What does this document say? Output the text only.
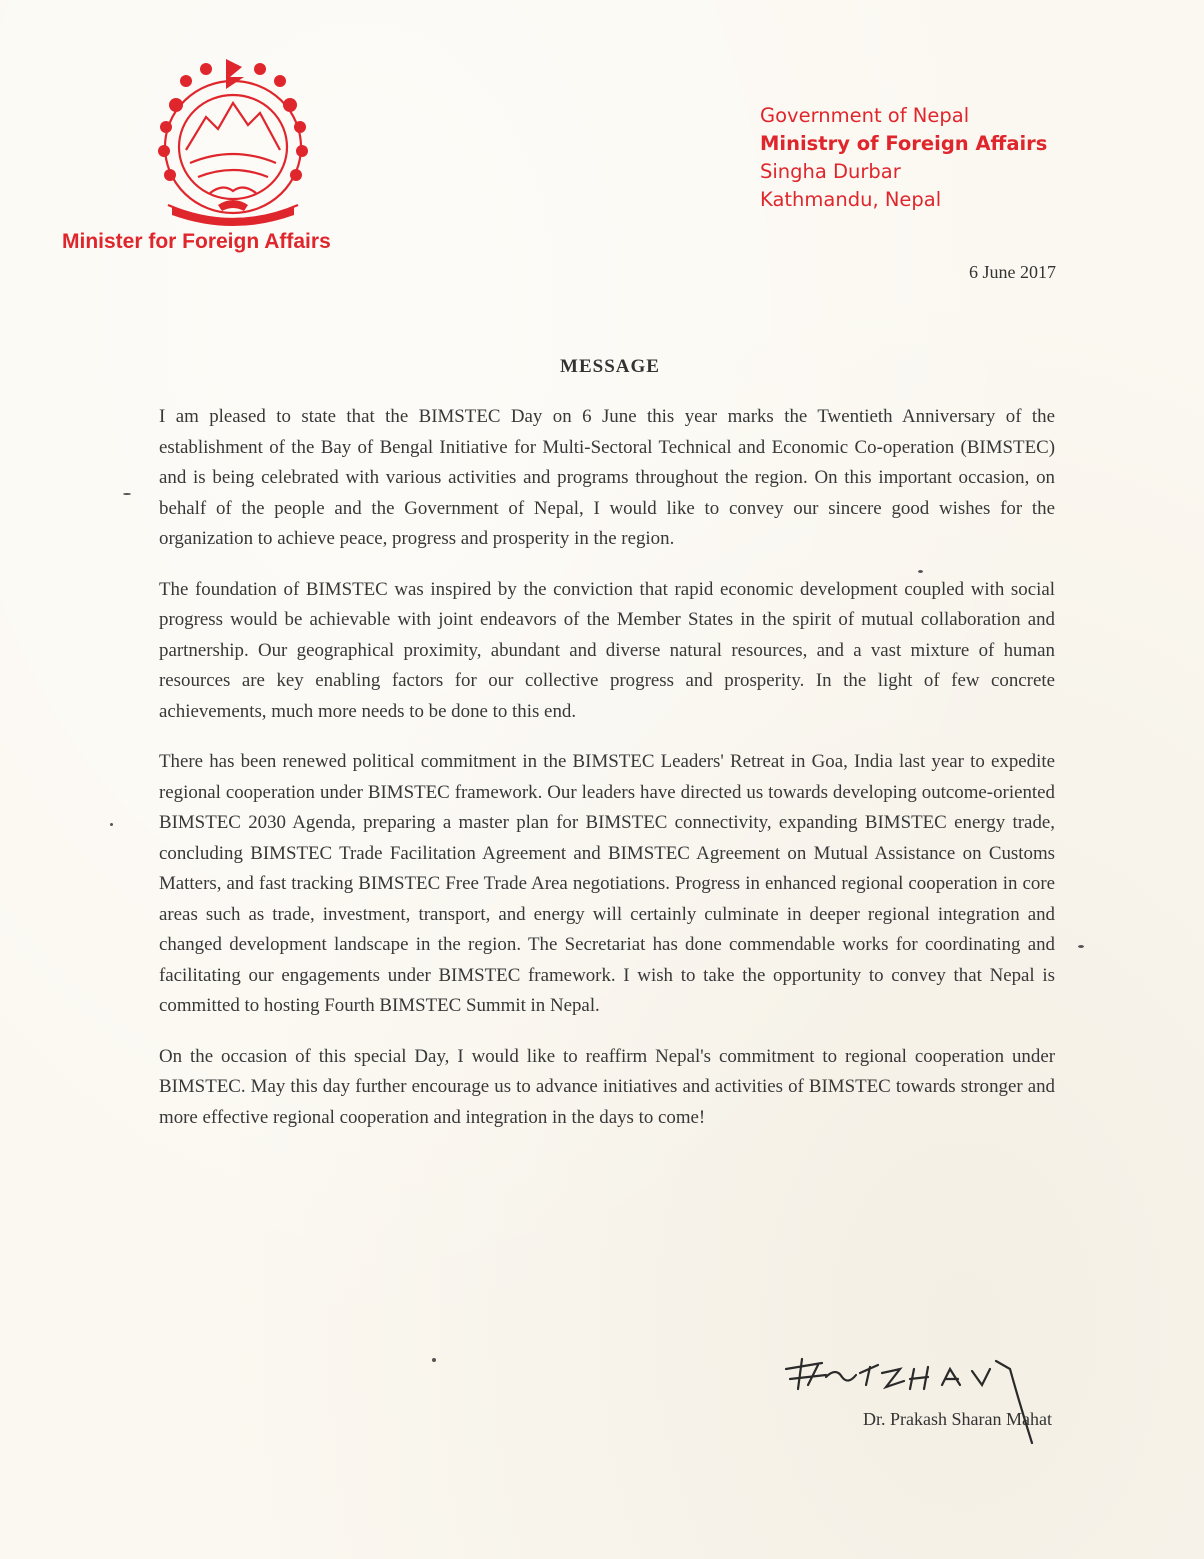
Minister for Foreign Affairs
Government of Nepal
Ministry of Foreign Affairs
Singha Durbar
Kathmandu, Nepal
6 June 2017
MESSAGE

I am pleased to state that the BIMSTEC Day on 6 June this year marks the Twentieth Anniversary of the establishment of the Bay of Bengal Initiative for Multi-Sectoral Technical and Economic Co-operation (BIMSTEC) and is being celebrated with various activities and programs throughout the region. On this important occasion, on behalf of the people and the Government of Nepal, I would like to convey our sincere good wishes for the organization to achieve peace, progress and prosperity in the region.

The foundation of BIMSTEC was inspired by the conviction that rapid economic development coupled with social progress would be achievable with joint endeavors of the Member States in the spirit of mutual collaboration and partnership. Our geographical proximity, abundant and diverse natural resources, and a vast mixture of human resources are key enabling factors for our collective progress and prosperity. In the light of few concrete achievements, much more needs to be done to this end.

There has been renewed political commitment in the BIMSTEC Leaders' Retreat in Goa, India last year to expedite regional cooperation under BIMSTEC framework. Our leaders have directed us towards developing outcome-oriented BIMSTEC 2030 Agenda, preparing a master plan for BIMSTEC connectivity, expanding BIMSTEC energy trade, concluding BIMSTEC Trade Facilitation Agreement and BIMSTEC Agreement on Mutual Assistance on Customs Matters, and fast tracking BIMSTEC Free Trade Area negotiations. Progress in enhanced regional cooperation in core areas such as trade, investment, transport, and energy will certainly culminate in deeper regional integration and changed development landscape in the region. The Secretariat has done commendable works for coordinating and facilitating our engagements under BIMSTEC framework. I wish to take the opportunity to convey that Nepal is committed to hosting Fourth BIMSTEC Summit in Nepal.

On the occasion of this special Day, I would like to reaffirm Nepal's commitment to regional cooperation under BIMSTEC. May this day further encourage us to advance initiatives and activities of BIMSTEC towards stronger and more effective regional cooperation and integration in the days to come!

Dr. Prakash Sharan Mahat
